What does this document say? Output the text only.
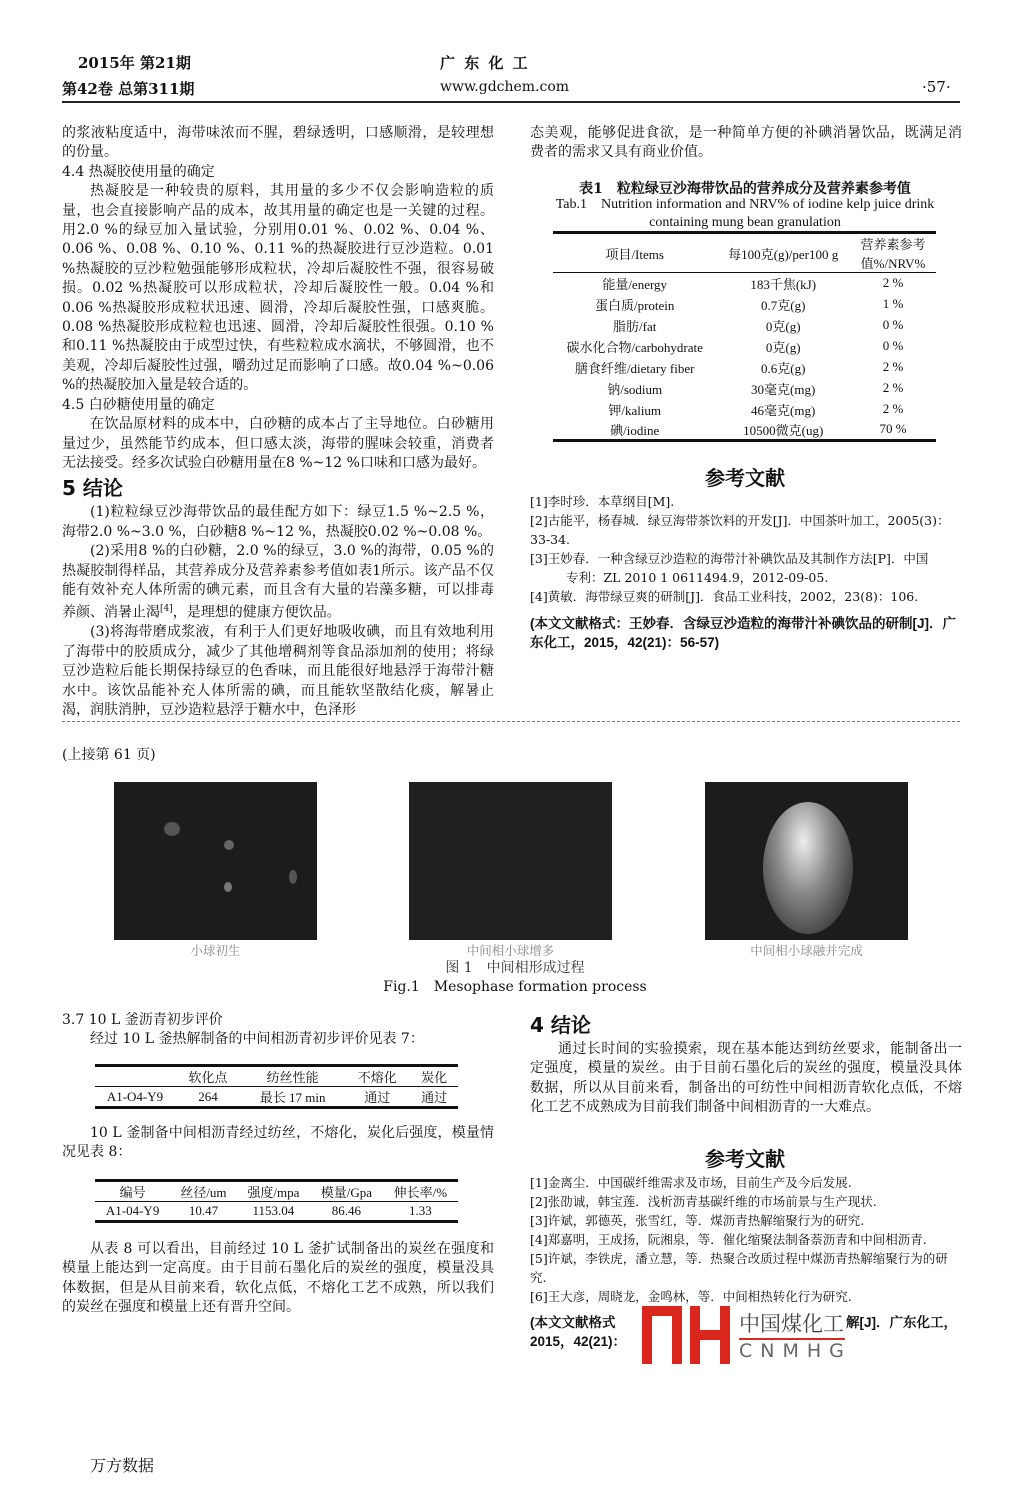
2015年 第21期
第42卷 总第311期
广 东 化 工
www.gdchem.com	·57·

的浆液粘度适中，海带味浓而不腥，碧绿透明，口感顺滑，是较理想的份量。

4.4 热凝胶使用量的确定

热凝胶是一种较贵的原料，其用量的多少不仅会影响造粒的质量，也会直接影响产品的成本，故其用量的确定也是一关键的过程。用2.0 %的绿豆加入量试验，分别用0.01 %、0.02 %、0.04 %、0.06 %、0.08 %、0.10 %、0.11 %的热凝胶进行豆沙造粒。0.01 %热凝胶的豆沙粒勉强能够形成粒状，冷却后凝胶性不强，很容易破损。0.02 %热凝胶可以形成粒状，冷却后凝胶性一般。0.04 %和0.06 %热凝胶形成粒状迅速、圆滑，冷却后凝胶性强，口感爽脆。0.08 %热凝胶形成粒粒也迅速、圆滑，冷却后凝胶性很强。0.10 %和0.11 %热凝胶由于成型过快，有些粒粒成水滴状，不够圆滑，也不美观，冷却后凝胶性过强，嚼劲过足而影响了口感。故0.04 %~0.06 %的热凝胶加入量是较合适的。

4.5 白砂糖使用量的确定

在饮品原材料的成本中，白砂糖的成本占了主导地位。白砂糖用量过少，虽然能节约成本，但口感太淡，海带的腥味会较重，消费者无法接受。经多次试验白砂糖用量在8 %~12 %口味和口感为最好。

5 结论

(1)粒粒绿豆沙海带饮品的最佳配方如下：绿豆1.5 %~2.5 %，海带2.0 %~3.0 %，白砂糖8 %~12 %，热凝胶0.02 %~0.08 %。

(2)采用8 %的白砂糖，2.0 %的绿豆，3.0 %的海带，0.05 %的热凝胶制得样品，其营养成分及营养素参考值如表1所示。该产品不仅能有效补充人体所需的碘元素，而且含有大量的岩藻多糖，可以排毒养颜、消暑止渴[4]，是理想的健康方便饮品。

(3)将海带磨成浆液，有利于人们更好地吸收碘，而且有效地利用了海带中的胶质成分，减少了其他增稠剂等食品添加剂的使用；将绿豆沙造粒后能长期保持绿豆的色香味，而且能很好地悬浮于海带汁糖水中。该饮品能补充人体所需的碘，而且能软坚散结化痰，解暑止渴，润肤消肿，豆沙造粒悬浮于糖水中，色泽形

态美观，能够促进食欲，是一种简单方便的补碘消暑饮品，既满足消费者的需求又具有商业价值。

表1　粒粒绿豆沙海带饮品的营养成分及营养素参考值
Tab.1　Nutrition information and NRV% of iodine kelp juice drink containing mung bean granulation
项目/Items	每100克(g)/per100 g	营养素参考值%/NRV%
能量/energy	183千焦(kJ)	2 %
蛋白质/protein	0.7克(g)	1 %
脂肪/fat	0克(g)	0 %
碳水化合物/carbohydrate	0克(g)	0 %
膳食纤维/dietary fiber	0.6克(g)	2 %
钠/sodium	30毫克(mg)	2 %
钾/kalium	46毫克(mg)	2 %
碘/iodine	10500微克(ug)	70 %
参考文献
[1]李时珍．本草纲目[M].
[2]古能平，杨春城．绿豆海带茶饮料的开发[J]．中国茶叶加工，2005(3)：33-34.
[3]王妙春．一种含绿豆沙造粒的海带汁补碘饮品及其制作方法[P]．中国
专利：ZL 2010 1 0611494.9，2012-09-05.
[4]黄敏．海带绿豆爽的研制[J]．食品工业科技，2002，23(8)：106.
(本文文献格式：王妙春．含绿豆沙造粒的海带汁补碘饮品的研制[J]．广东化工，2015，42(21)：56-57)
(上接第 61 页)
小球初生	中间相小球增多	中间相小球融并完成
图 1　中间相形成过程
Fig.1　Mesophase formation process
3.7 10 L 釜沥青初步评价

经过 10 L 釜热解制备的中间相沥青初步评价见表 7：

	软化点	纺丝性能	不熔化	炭化
A1-O4-Y9	264	最长 17 min	通过	通过

10 L 釜制备中间相沥青经过纺丝，不熔化，炭化后强度，模量情况见表 8：

编号	丝径/um	强度/mpa	模量/Gpa	伸长率/%
A1-04-Y9	10.47	1153.04	86.46	1.33

从表 8 可以看出，目前经过 10 L 釜扩试制备出的炭丝在强度和模量上能达到一定高度。由于目前石墨化后的炭丝的强度，模量没具体数据，但是从目前来看，软化点低，不熔化工艺不成熟，所以我们的炭丝在强度和模量上还有晋升空间。

4 结论

通过长时间的实验摸索，现在基本能达到纺丝要求，能制备出一定强度，模量的炭丝。由于目前石墨化后的炭丝的强度，模量没具体数据，所以从目前来看，制备出的可纺性中间相沥青软化点低，不熔化工艺不成熟成为目前我们制备中间相沥青的一大难点。

参考文献
[1]金离尘．中国碳纤维需求及市场，目前生产及今后发展.
[2]张劭诚，韩宝莲．浅析沥青基碳纤维的市场前景与生产现状.
[3]许斌，郭德英，张雪红，等．煤沥青热解缩聚行为的研究.
[4]郑嘉明，王成扬，阮湘泉，等．催化缩聚法制备萘沥青和中间相沥青.
[5]许斌，李铁虎，潘立慧，等．热聚合改质过程中煤沥青热解缩聚行为的研究.
[6]王大彦，周晓龙，金鸣林，等．中间相热转化行为研究.
(本文文献格式
2015，42(21)：
解[J]．广东化工，
中国煤化工
CNMHG
万方数据
